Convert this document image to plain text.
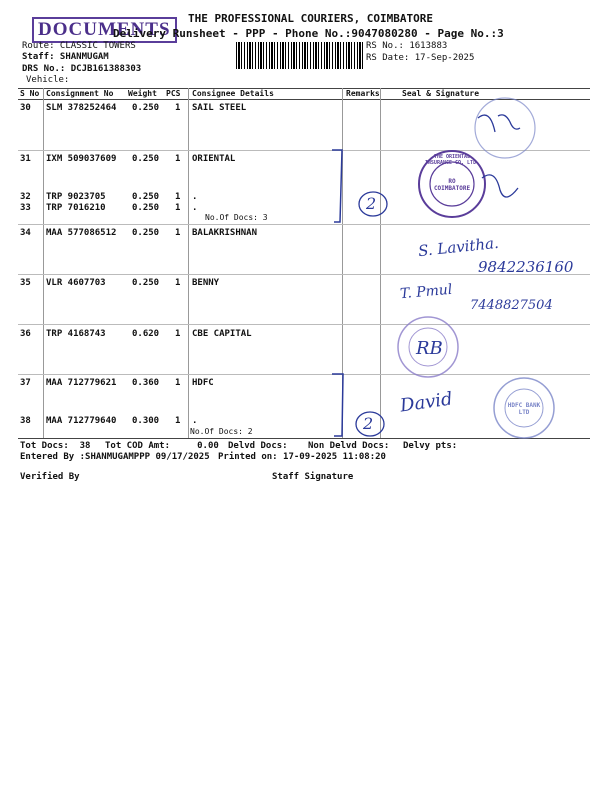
DOCUMENTS
THE PROFESSIONAL COURIERS, COIMBATORE
Delivery Runsheet - PPP - Phone No.:9047080280 - Page No.:3
Route: CLASSIC TOWERS
Staff: SHANMUGAM
DRS No.: DCJB161388303
Vehicle:
RS No.: 1613883
RS Date: 17-Sep-2025
S No Consignment No Weight PCS Consignee Details	Remarks	Seal & Signature
30 SLM 378252464 0.250 1 SAIL STEEL
31 IXM 509037609 0.250 1 ORIENTAL
32 TRP 9023705	0.250 1 .
33 TRP 7016210	0.250 1 .
No.Of Docs: 3
34 MAA 577086512 0.250 1 BALAKRISHNAN
35 VLR 4607703	0.250 1 BENNY
36 TRP 4168743	0.620 1 CBE CAPITAL
37 MAA 712779621 0.360 1 HDFC
38 MAA 712779640 0.300 1 .
No.Of Docs: 2
Tot Docs:  38 Tot COD Amt:     0.00 Delvd Docs: Non Delvd Docs: Delvy pts:
Entered By :SHANMUGAMPPP 09/17/2025 Printed on: 17-09-2025 11:08:20
Verified By	Staff Signature
2
2
S. Lavitha.
9842236160
T. Pmul
7448827504
RB
David
THE ORIENTAL INSURANCE CO. LTD.
RO COIMBATORE
HDFC BANK LTD
